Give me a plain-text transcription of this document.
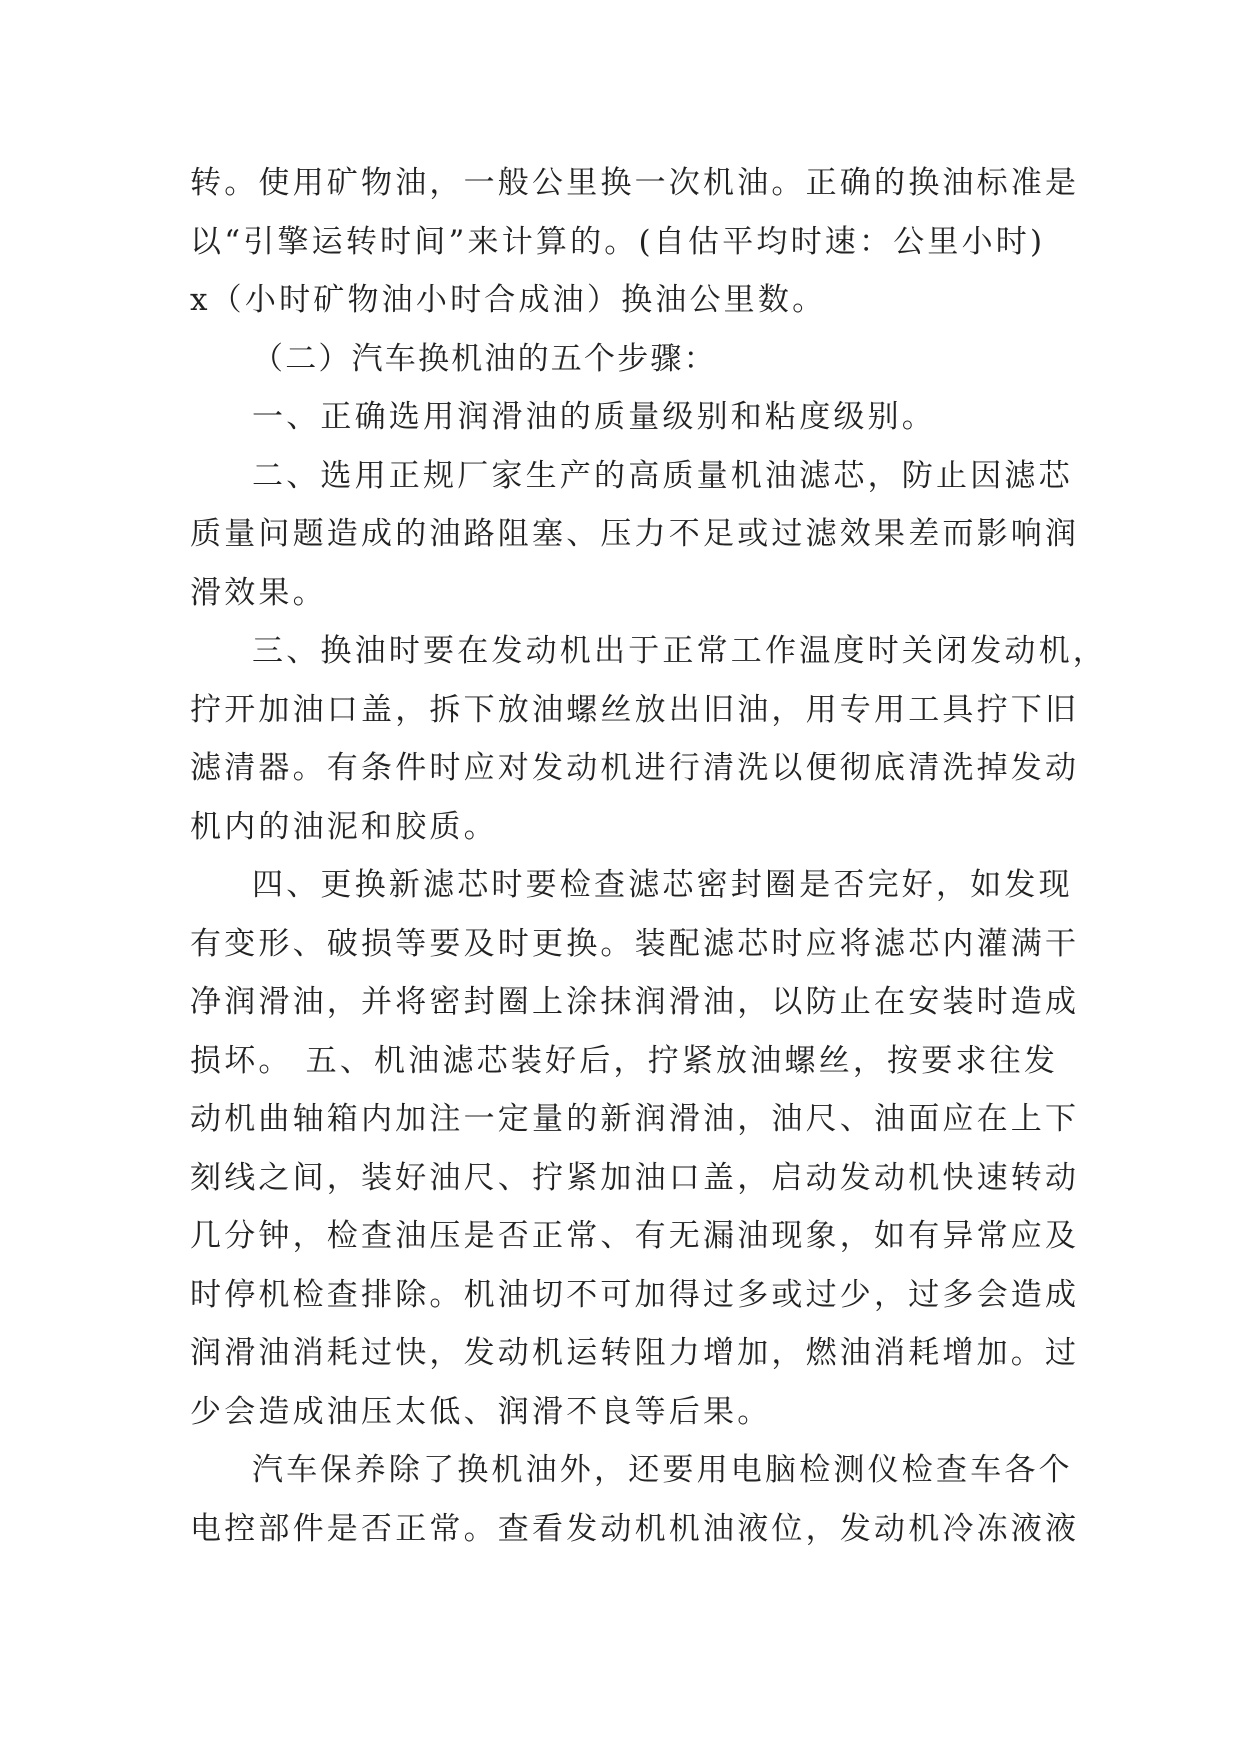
转。使用矿物油，一般公里换一次机油。正确的换油标准是
以“引擎运转时间”来计算的。(自估平均时速：公里小时)
x（小时矿物油小时合成油）换油公里数。
（二）汽车换机油的五个步骤：
一、正确选用润滑油的质量级别和粘度级别。
二、选用正规厂家生产的高质量机油滤芯，防止因滤芯
质量问题造成的油路阻塞、压力不足或过滤效果差而影响润
滑效果。
三、换油时要在发动机出于正常工作温度时关闭发动机，
拧开加油口盖，拆下放油螺丝放出旧油，用专用工具拧下旧
滤清器。有条件时应对发动机进行清洗以便彻底清洗掉发动
机内的油泥和胶质。
四、更换新滤芯时要检查滤芯密封圈是否完好，如发现
有变形、破损等要及时更换。装配滤芯时应将滤芯内灌满干
净润滑油，并将密封圈上涂抹润滑油，以防止在安装时造成
损坏。 五、机油滤芯装好后，拧紧放油螺丝，按要求往发
动机曲轴箱内加注一定量的新润滑油，油尺、油面应在上下
刻线之间，装好油尺、拧紧加油口盖，启动发动机快速转动
几分钟，检查油压是否正常、有无漏油现象，如有异常应及
时停机检查排除。机油切不可加得过多或过少，过多会造成
润滑油消耗过快，发动机运转阻力增加，燃油消耗增加。过
少会造成油压太低、润滑不良等后果。
汽车保养除了换机油外，还要用电脑检测仪检查车各个
电控部件是否正常。查看发动机机油液位，发动机冷冻液液
